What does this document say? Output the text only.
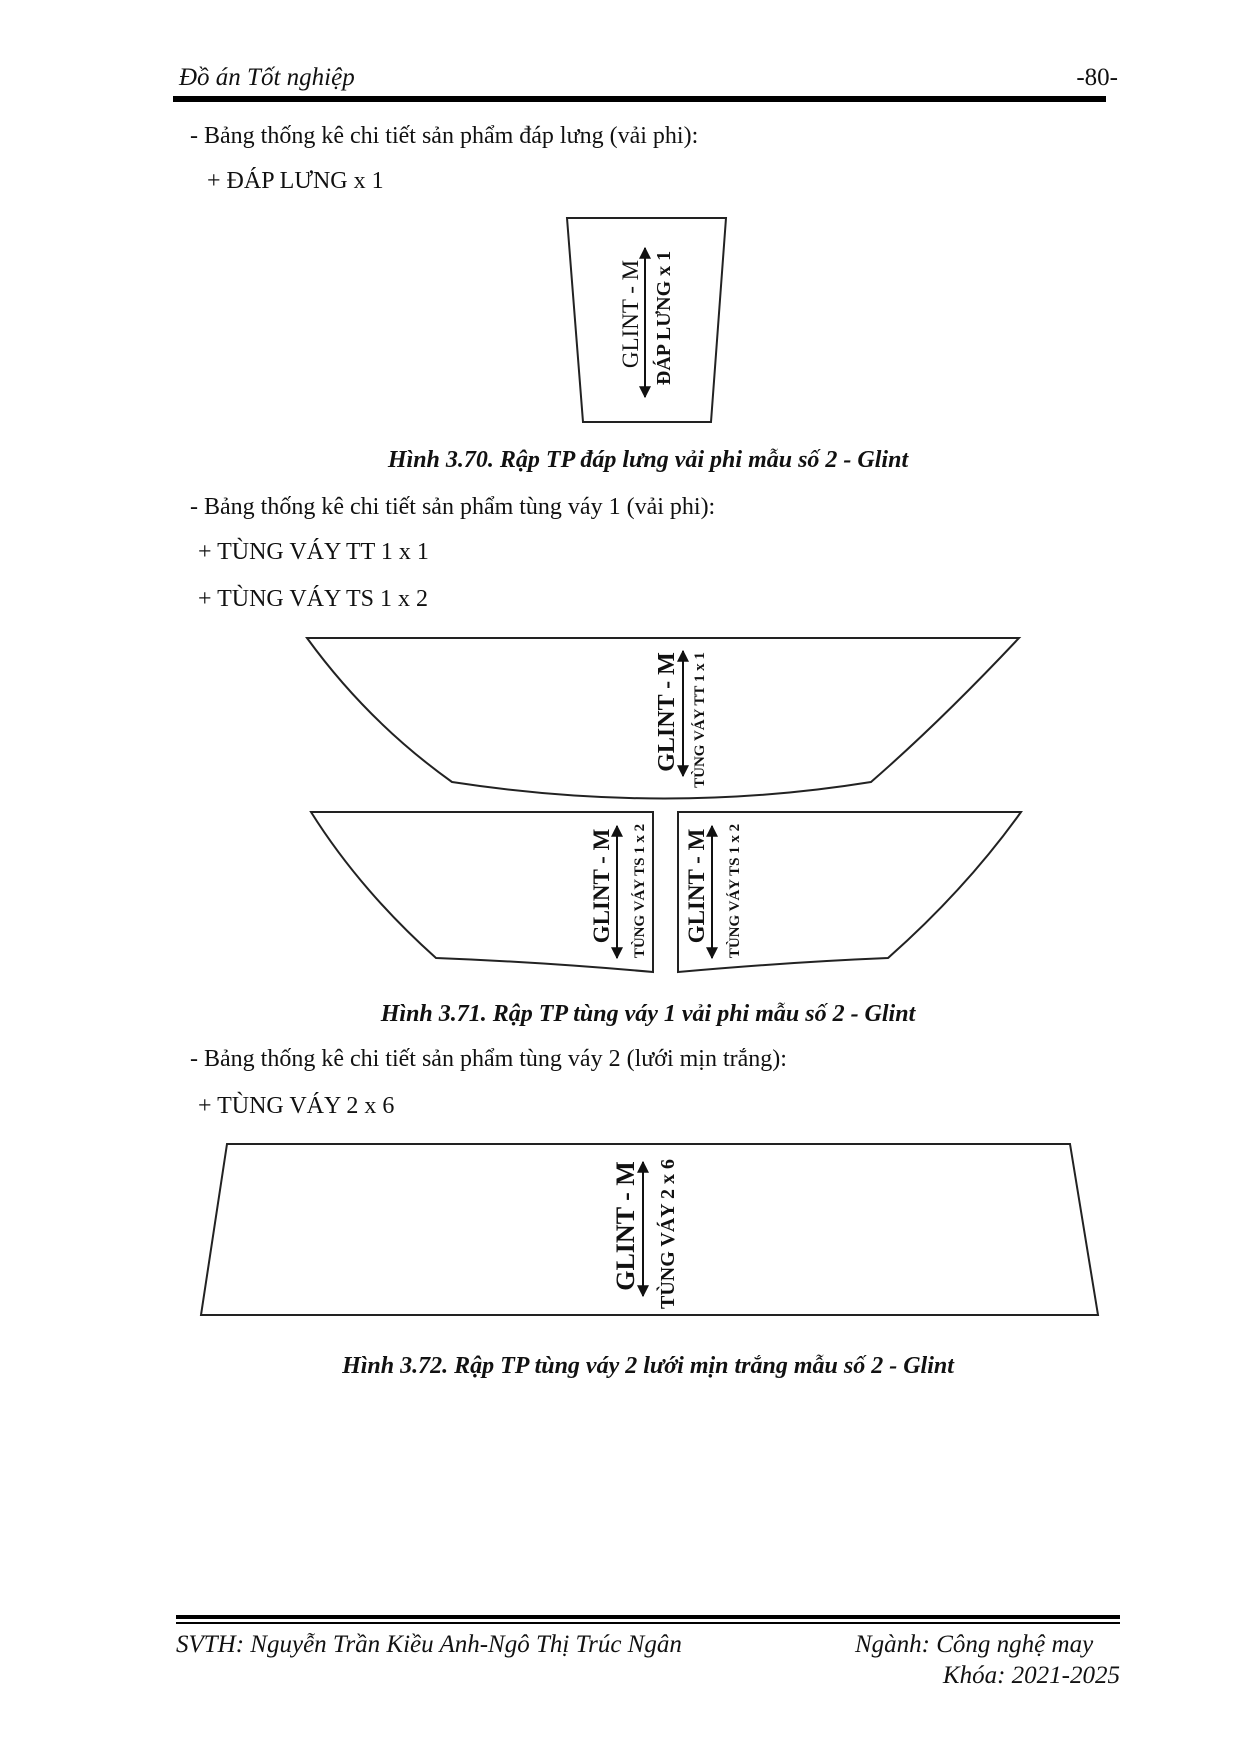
Đồ án Tốt nghiệp	-80-
- Bảng thống kê chi tiết sản phẩm đáp lưng (vải phi):
+ ĐÁP LƯNG x 1
Hình 3.70. Rập TP đáp lưng vải phi mẫu số 2 - Glint
- Bảng thống kê chi tiết sản phẩm tùng váy 1 (vải phi):
+ TÙNG VÁY TT 1 x 1
+ TÙNG VÁY TS 1 x 2
Hình 3.71. Rập TP tùng váy 1 vải phi mẫu số 2 - Glint
- Bảng thống kê chi tiết sản phẩm tùng váy 2 (lưới mịn trắng):
+ TÙNG VÁY 2 x 6
Hình 3.72. Rập TP tùng váy 2 lưới mịn trắng mẫu số 2 - Glint
GLINT - M ĐÁP LƯNG x 1
GLINT - M TÙNG VÁY TT 1 x 1
GLINT - M TÙNG VÁY TS 1 x 2 GLINT - M TÙNG VÁY TS 1 x 2
GLINT - M TÙNG VÁY 2 x 6
SVTH: Nguyễn Trần Kiều Anh-Ngô Thị Trúc Ngân	Ngành: Công nghệ may
Khóa: 2021-2025
